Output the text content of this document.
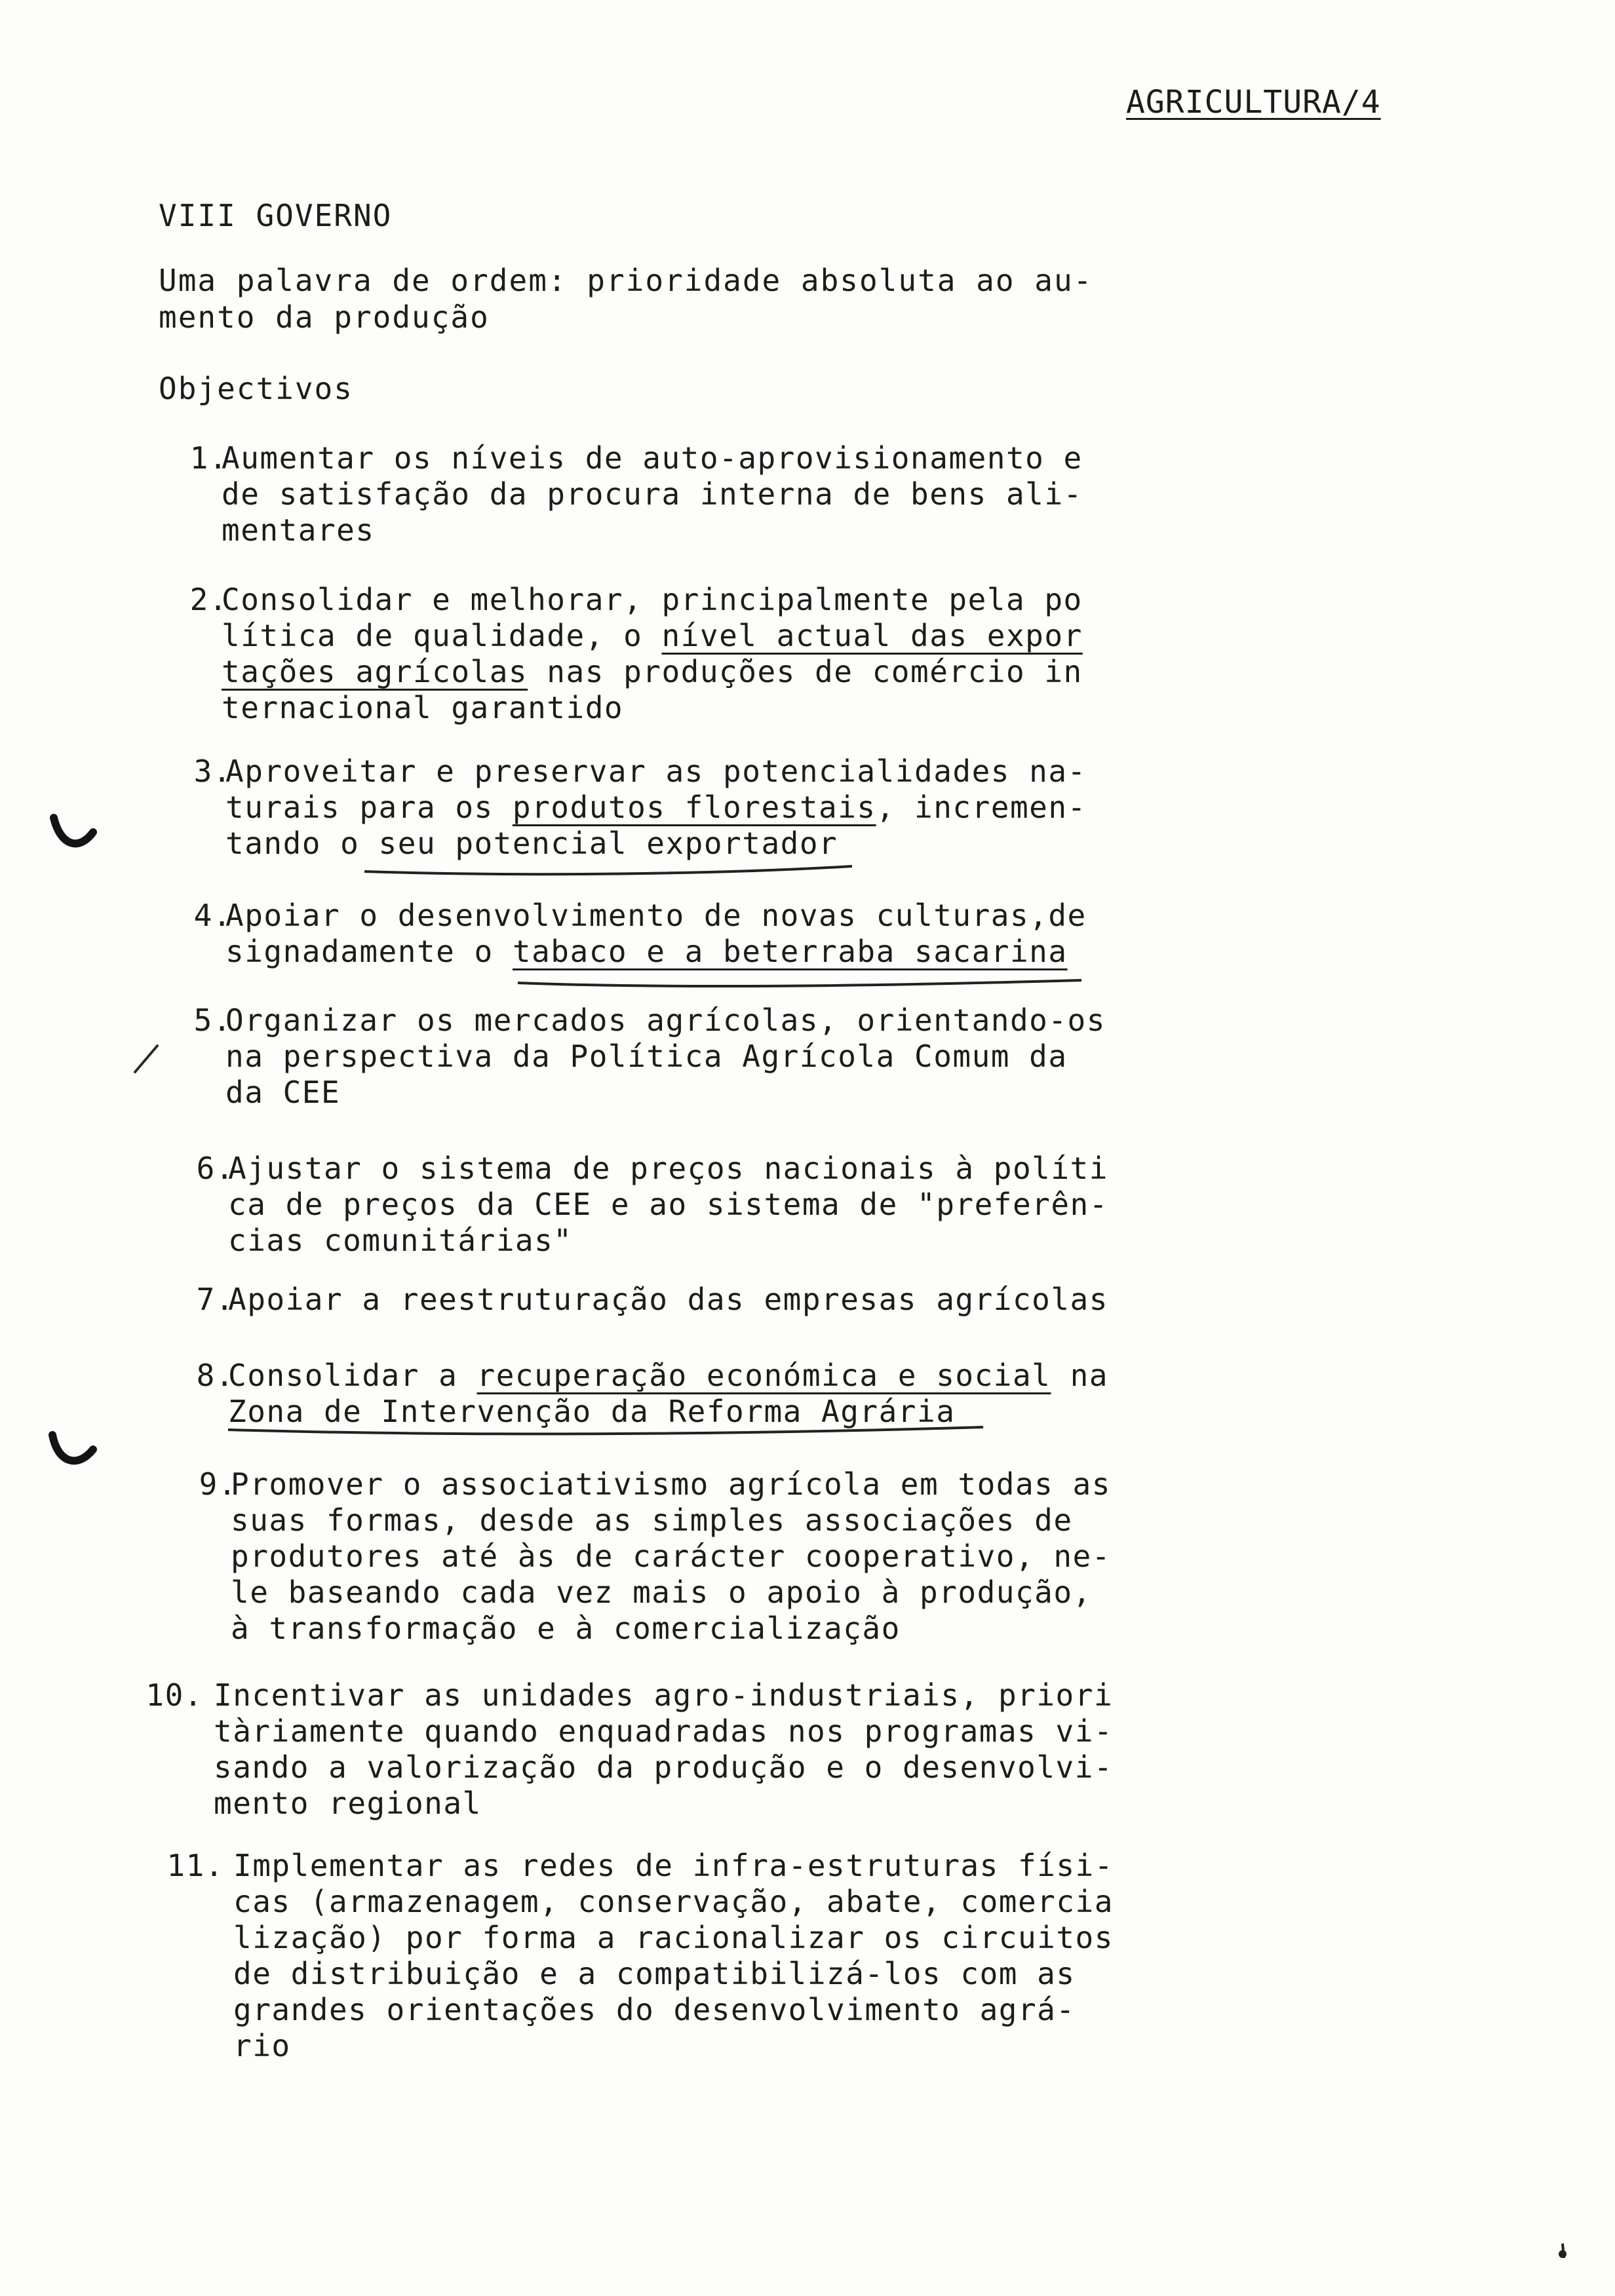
AGRICULTURA/4
VIII GOVERNO
Uma palavra de ordem: prioridade absoluta ao au-
mento da produção
Objectivos
1.
Aumentar os níveis de auto-aprovisionamento e
de satisfação da procura interna de bens ali-
mentares
2.
Consolidar e melhorar, principalmente pela po
lítica de qualidade, o nível actual das expor
tações agrícolas nas produções de comércio in
ternacional garantido
3.
Aproveitar e preservar as potencialidades na-
turais para os produtos florestais, incremen-
tando o seu potencial exportador
4.
Apoiar o desenvolvimento de novas culturas,de
signadamente o tabaco e a beterraba sacarina
5.
Organizar os mercados agrícolas, orientando-os
na perspectiva da Política Agrícola Comum da
da CEE
6.
Ajustar o sistema de preços nacionais à políti
ca de preços da CEE e ao sistema de "preferên-
cias comunitárias"
7.
Apoiar a reestruturação das empresas agrícolas
8.
Consolidar a recuperação económica e social na
Zona de Intervenção da Reforma Agrária
9.
Promover o associativismo agrícola em todas as
suas formas, desde as simples associações de
produtores até às de carácter cooperativo, ne-
le baseando cada vez mais o apoio à produção,
à transformação e à comercialização
10. Incentivar as unidades agro-industriais, priori
tàriamente quando enquadradas nos programas vi-
sando a valorização da produção e o desenvolvi-
mento regional
11. Implementar as redes de infra-estruturas físi-
cas (armazenagem, conservação, abate, comercia
lização) por forma a racionalizar os circuitos
de distribuição e a compatibilizá-los com as
grandes orientações do desenvolvimento agrá-
rio
